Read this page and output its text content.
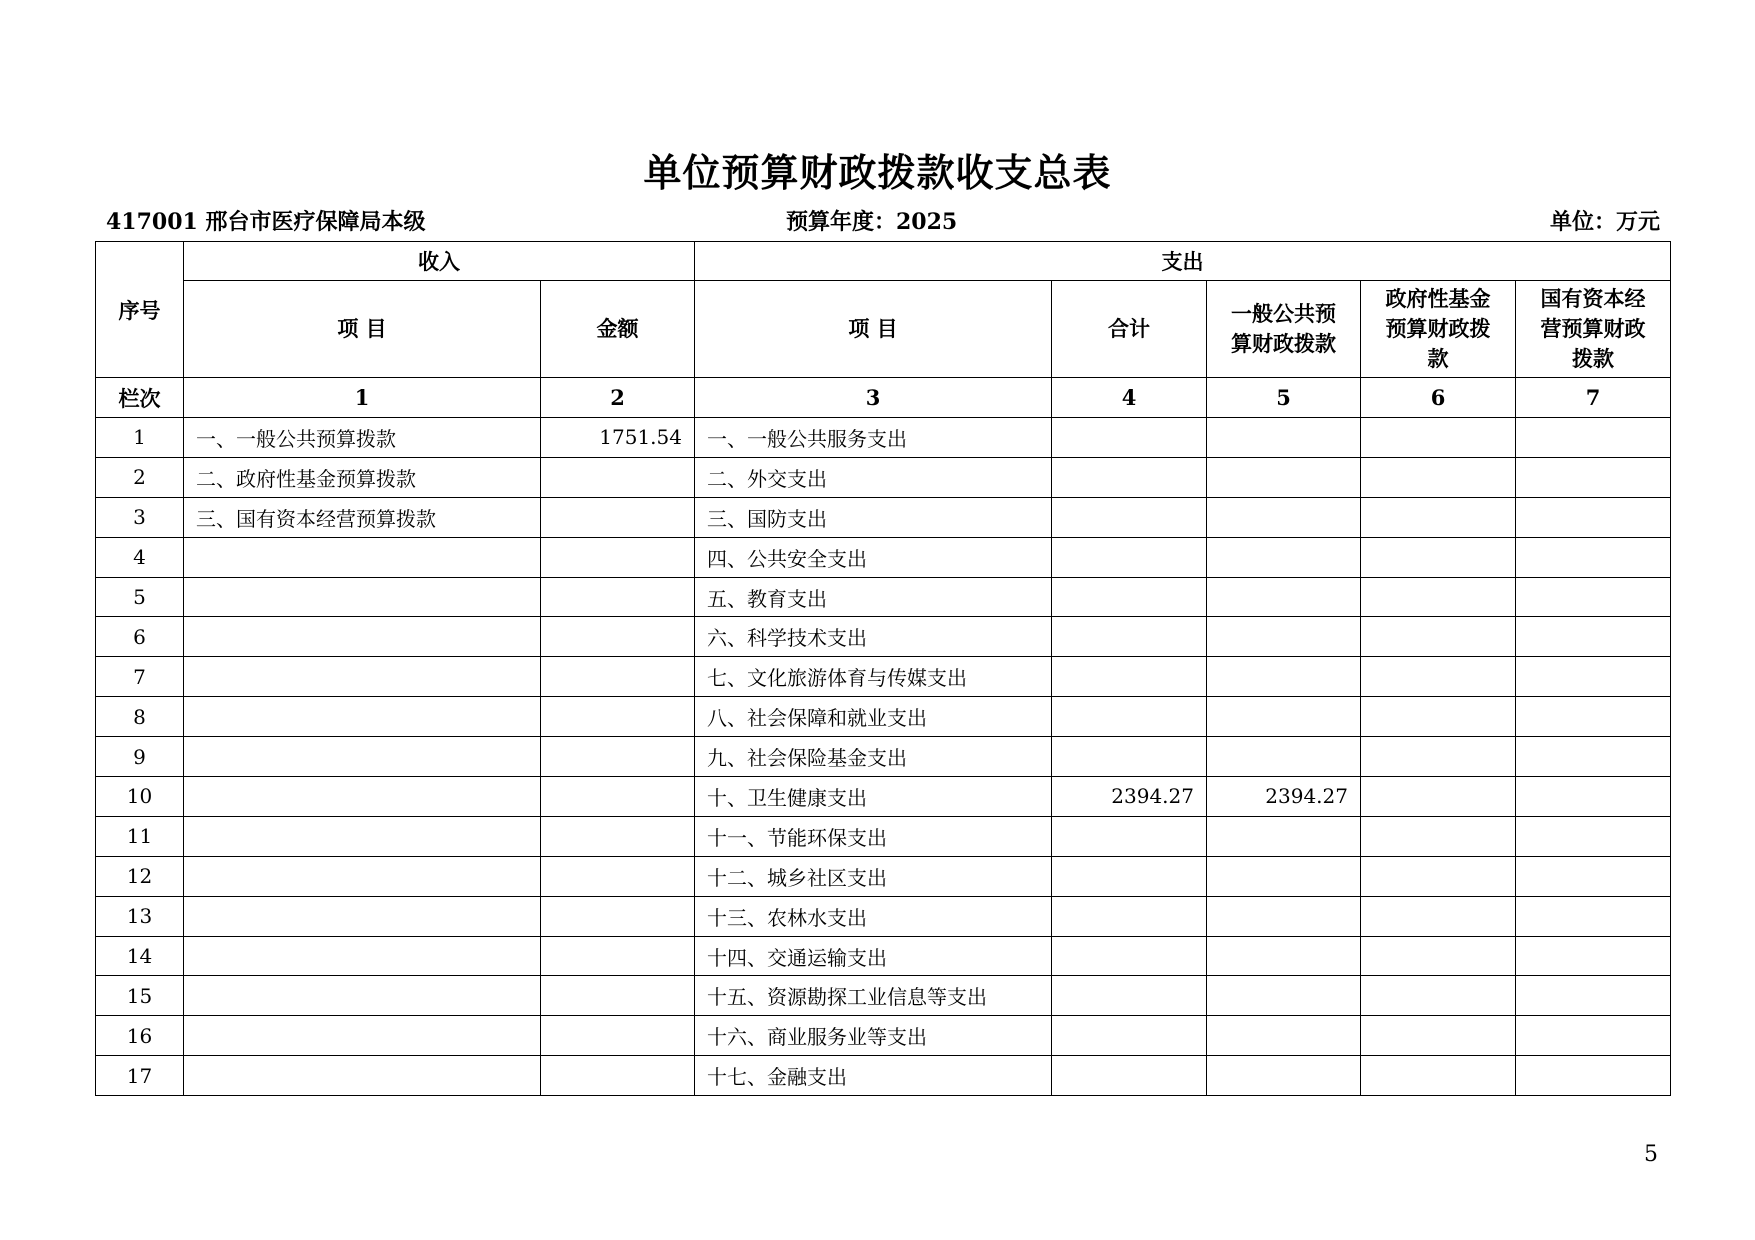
单位预算财政拨款收支总表
417001 邢台市医疗保障局本级	预算年度：2025	单位：万元
序号	收入		支出				
	项 目	金额	项 目	合计	一般公共预算财政拨款	政府性基金预算财政拨款	国有资本经营预算财政拨款
栏次	1	2	3	4	5	6	7
1	一、一般公共预算拨款	1751.54	一、一般公共服务支出				
2	二、政府性基金预算拨款		二、外交支出				
3	三、国有资本经营预算拨款		三、国防支出				
4			四、公共安全支出				
5			五、教育支出				
6			六、科学技术支出				
7			七、文化旅游体育与传媒支出				
8			八、社会保障和就业支出				
9			九、社会保险基金支出				
10			十、卫生健康支出	2394.27	2394.27		
11			十一、节能环保支出				
12			十二、城乡社区支出				
13			十三、农林水支出				
14			十四、交通运输支出				
15			十五、资源勘探工业信息等支出				
16			十六、商业服务业等支出				
17			十七、金融支出				
5
